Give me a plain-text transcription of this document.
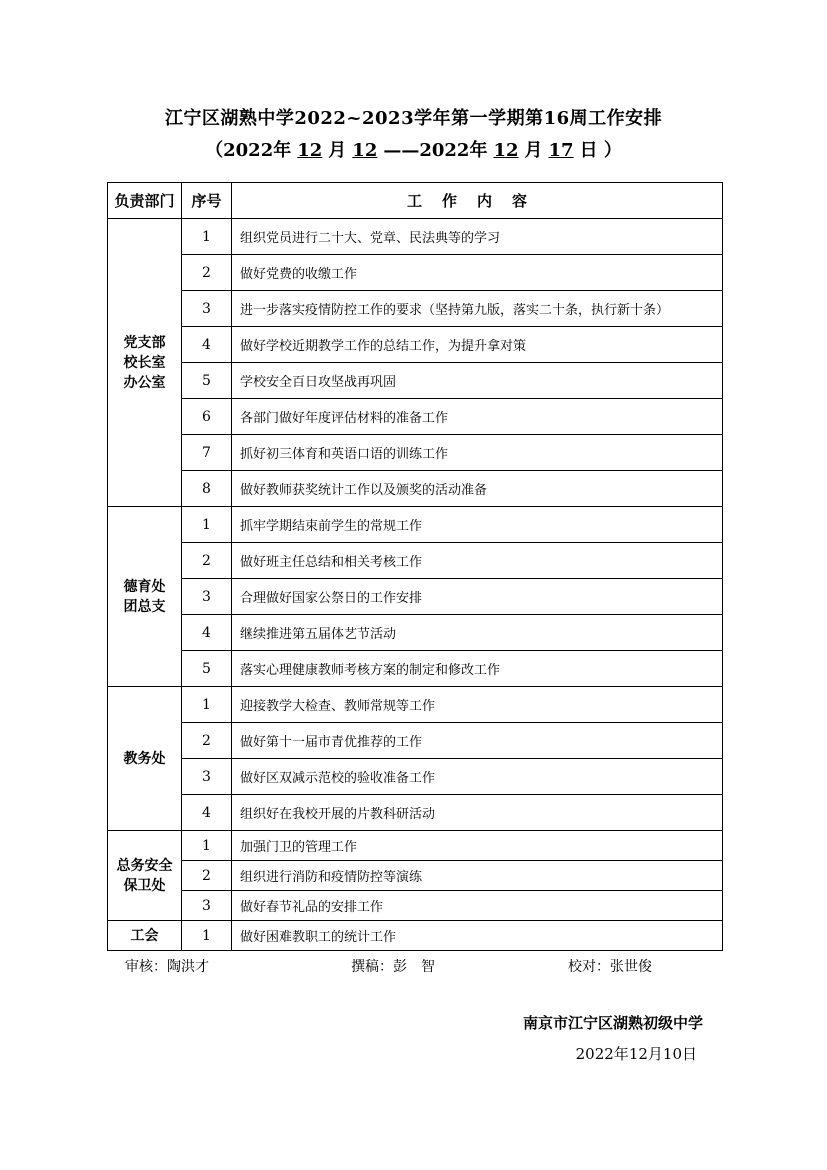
江宁区湖熟中学2022~2023学年第一学期第16周工作安排
（2022年 12 月 12 ——2022年 12 月 17 日 ）
负责部门	序号	工作内容
党支部
校长室
办公室	1	组织党员进行二十大、党章、民法典等的学习
	2	做好党费的收缴工作
	3	进一步落实疫情防控工作的要求（坚持第九版，落实二十条，执行新十条）
	4	做好学校近期教学工作的总结工作，为提升拿对策
	5	学校安全百日攻坚战再巩固
	6	各部门做好年度评估材料的准备工作
	7	抓好初三体育和英语口语的训练工作
	8	做好教师获奖统计工作以及颁奖的活动准备
德育处
团总支	1	抓牢学期结束前学生的常规工作
	2	做好班主任总结和相关考核工作
	3	合理做好国家公祭日的工作安排
	4	继续推进第五届体艺节活动
	5	落实心理健康教师考核方案的制定和修改工作
教务处	1	迎接教学大检查、教师常规等工作
	2	做好第十一届市青优推荐的工作
	3	做好区双减示范校的验收准备工作
	4	组织好在我校开展的片教科研活动
总务安全
保卫处	1	加强门卫的管理工作
	2	组织进行消防和疫情防控等演练
	3	做好春节礼品的安排工作
工会	1	做好困难教职工的统计工作
审核：陶洪才	撰稿：彭　智	校对：张世俊
南京市江宁区湖熟初级中学
2022年12月10日
